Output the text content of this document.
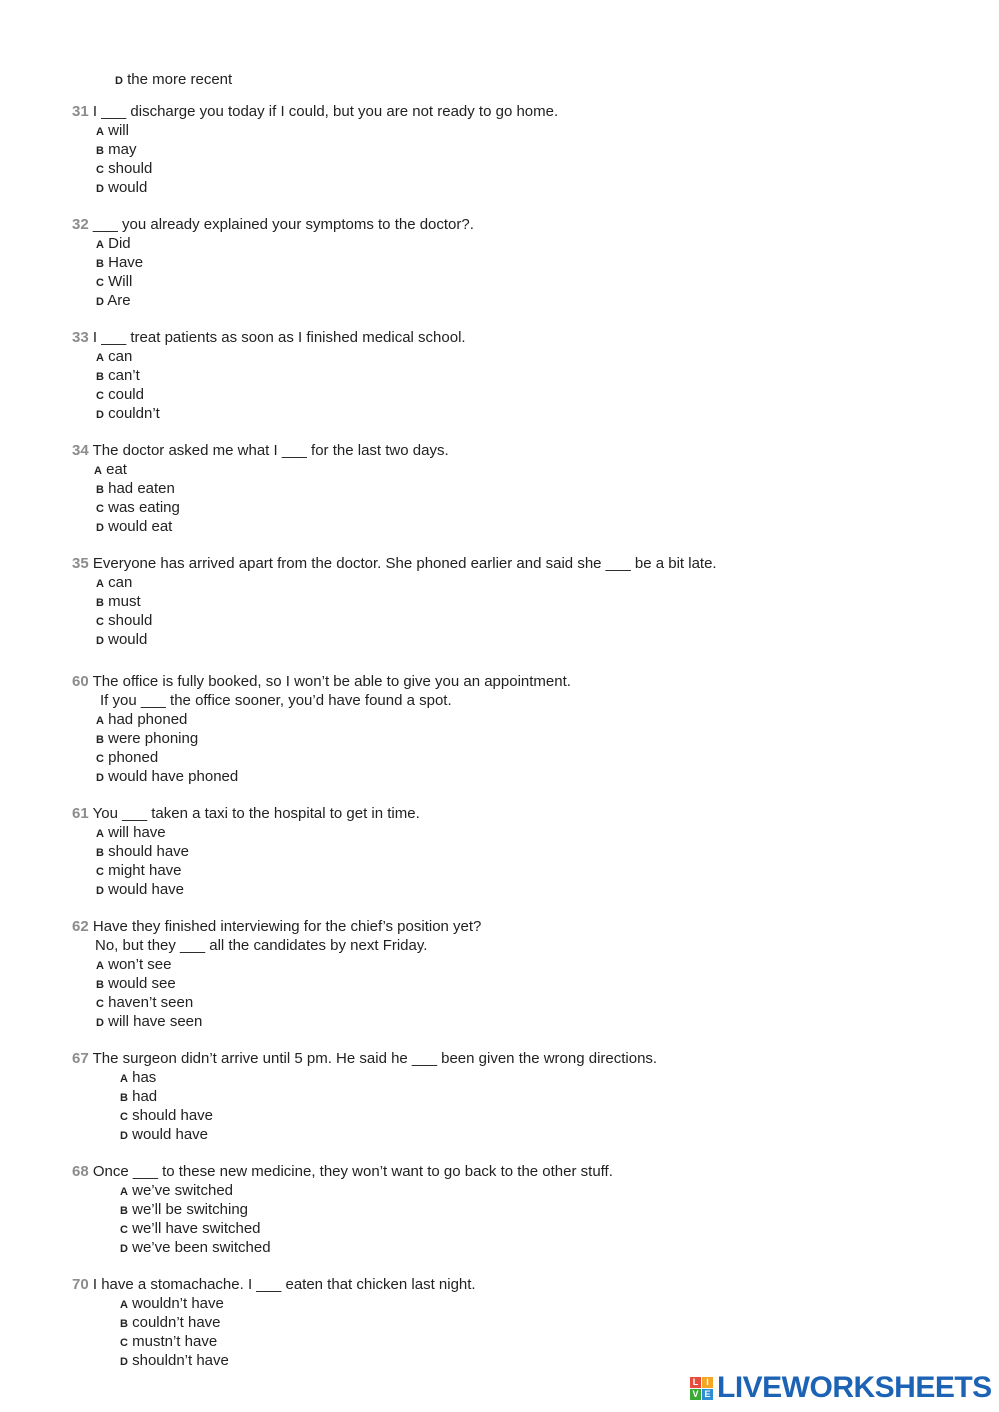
D the more recent
31 I ___ discharge you today if I could, but you are not ready to go home.
A will
B may
C should
D would
32 ___ you already explained your symptoms to the doctor?.
A Did
B Have
C Will
D Are
33 I ___ treat patients as soon as I finished medical school.
A can
B can’t
C could
D couldn’t
34 The doctor asked me what I ___ for the last two days.
A eat
B had eaten
C was eating
D would eat
35 Everyone has arrived apart from the doctor. She phoned earlier and said she ___ be a bit late.
A can
B must
C should
D would
60 The office is fully booked, so I won’t be able to give you an appointment.
If you ___ the office sooner, you’d have found a spot.
A had phoned
B were phoning
C phoned
D would have phoned
61 You ___ taken a taxi to the hospital to get in time.
A will have
B should have
C might have
D would have
62 Have they finished interviewing for the chief’s position yet?
No, but they ___ all the candidates by next Friday.
A won’t see
B would see
C haven’t seen
D will have seen
67 The surgeon didn’t arrive until 5 pm. He said he ___ been given the wrong directions.
A has
B had
C should have
D would have
68 Once ___ to these new medicine, they won’t want to go back to the other stuff.
A we’ve switched
B we’ll be switching
C we’ll have switched
D we’ve been switched
70 I have a stomachache. I ___ eaten that chicken last night.
A wouldn’t have
B couldn’t have
C mustn’t have
D shouldn’t have
L I
V E LIVEWORKSHEETS
